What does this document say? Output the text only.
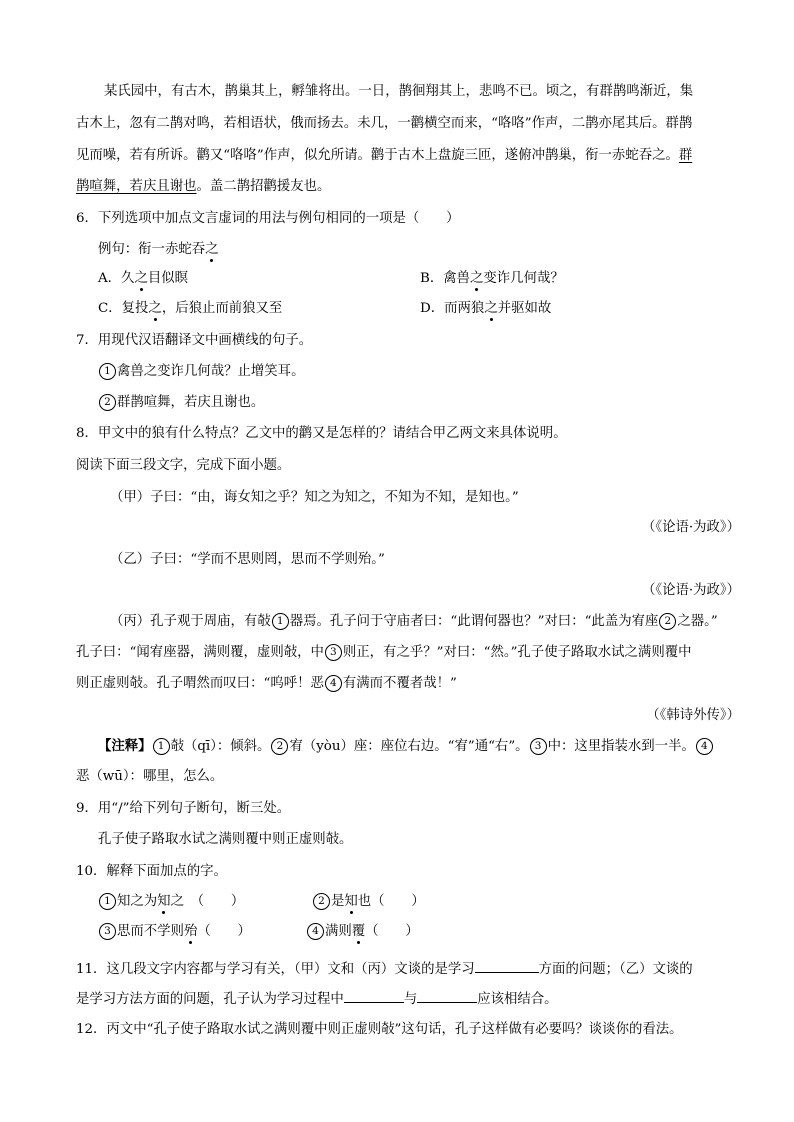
某氏园中，有古木，鹊巢其上，孵雏将出。一日，鹊徊翔其上，悲鸣不已。顷之，有群鹊鸣渐近，集
古木上，忽有二鹊对鸣，若相语状，俄而扬去。未几，一鹳横空而来，“咯咯”作声，二鹊亦尾其后。群鹊
见而噪，若有所诉。鹳又“咯咯”作声，似允所请。鹳于古木上盘旋三匝，遂俯冲鹊巢，衔一赤蛇吞之。群
鹊喧舞，若庆且谢也。盖二鹊招鹳援友也。
6．下列选项中加点文言虚词的用法与例句相同的一项是（　　）
例句：衔一赤蛇吞之
A．久之目似瞑	B．禽兽之变诈几何哉？
C．复投之，后狼止而前狼又至	D．而两狼之并驱如故
7．用现代汉语翻译文中画横线的句子。
1 禽兽之变诈几何哉？止增笑耳。
2 群鹊喧舞，若庆且谢也。
8．甲文中的狼有什么特点？乙文中的鹳又是怎样的？请结合甲乙两文来具体说明。
阅读下面三段文字，完成下面小题。
（甲）子曰：“由，诲女知之乎？知之为知之，不知为不知，是知也。”
（《论语·为政》）
（乙）子曰：“学而不思则罔，思而不学则殆。”
（《论语·为政》）
（丙）孔子观于周庙，有敧 1 器焉。孔子问于守庙者曰：“此谓何器也？”对曰：“此盖为宥座 2 之器。”
孔子曰：“闻宥座器，满则覆，虚则敧，中 3 则正，有之乎？”对曰：“然。”孔子使子路取水试之满则覆中
则正虚则敧。孔子喟然而叹曰：“呜呼！恶 4 有满而不覆者哉！”
（《韩诗外传》）
【注释】 1 敧（qī）：倾斜。 2 宥（yòu）座：座位右边。“宥”通“右”。 3 中：这里指装水到一半。 4
恶（wū）：哪里，怎么。
9．用“/”给下列句子断句，断三处。
孔子使子路取水试之满则覆中则正虚则敧。
10．解释下面加点的字。
1 知之为知之　（　　）	2 是知也（　　）
3 思而不学则殆（　　）	4 满则覆（　　）
11．这几段文字内容都与学习有关，（甲）文和（丙）文谈的是学习	方面的问题；（乙）文谈的
是学习方法方面的问题，孔子认为学习过程中	与	应该相结合。
12．丙文中“孔子使子路取水试之满则覆中则正虚则敧”这句话，孔子这样做有必要吗？谈谈你的看法。
